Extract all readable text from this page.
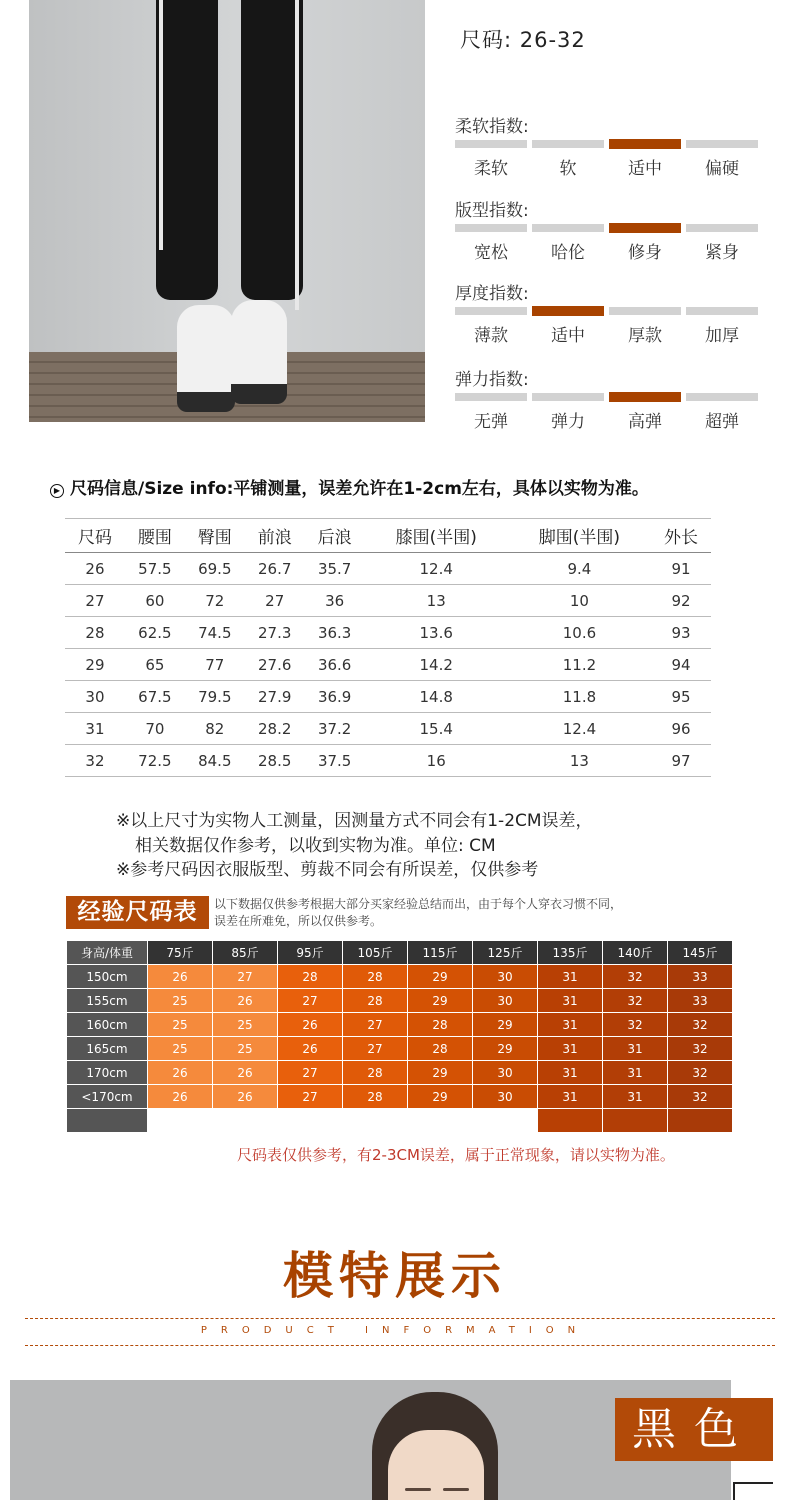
尺码: 26-32
柔软指数:
柔软	软	适中	偏硬
版型指数:
宽松	哈伦	修身	紧身
厚度指数:
薄款	适中	厚款	加厚
弹力指数:
无弹	弹力	高弹	超弹
▶ 尺码信息/Size info:平铺测量，误差允许在1-2cm左右，具体以实物为准。
尺码	腰围	臀围	前浪	后浪	膝围(半围)	脚围(半围)	外长
26	57.5	69.5	26.7	35.7	12.4	9.4	91
27	60	72	27	36	13	10	92
28	62.5	74.5	27.3	36.3	13.6	10.6	93
29	65	77	27.6	36.6	14.2	11.2	94
30	67.5	79.5	27.9	36.9	14.8	11.8	95
31	70	82	28.2	37.2	15.4	12.4	96
32	72.5	84.5	28.5	37.5	16	13	97
※以上尺寸为实物人工测量，因测量方式不同会有1-2CM误差，
相关数据仅作参考，以收到实物为准。单位: CM
※参考尺码因衣服版型、剪裁不同会有所误差，仅供参考
经验尺码表	以下数据仅供参考根据大部分买家经验总结而出，由于每个人穿衣习惯不同，
误差在所难免，所以仅供参考。
身高/体重	75斤	85斤	95斤	105斤	115斤	125斤	135斤	140斤	145斤
150cm	26	27	28	28	29	30	31	32	33
155cm	25	26	27	28	29	30	31	32	33
160cm	25	25	26	27	28	29	31	32	32
165cm	25	25	26	27	28	29	31	31	32
170cm	26	26	27	28	29	30	31	31	32
<170cm	26	26	27	28	29	30	31	31	32

尺码表仅供参考，有2-3CM误差，属于正常现象，请以实物为准。
模特展示
PRODUCT INFORMATION
黑色
